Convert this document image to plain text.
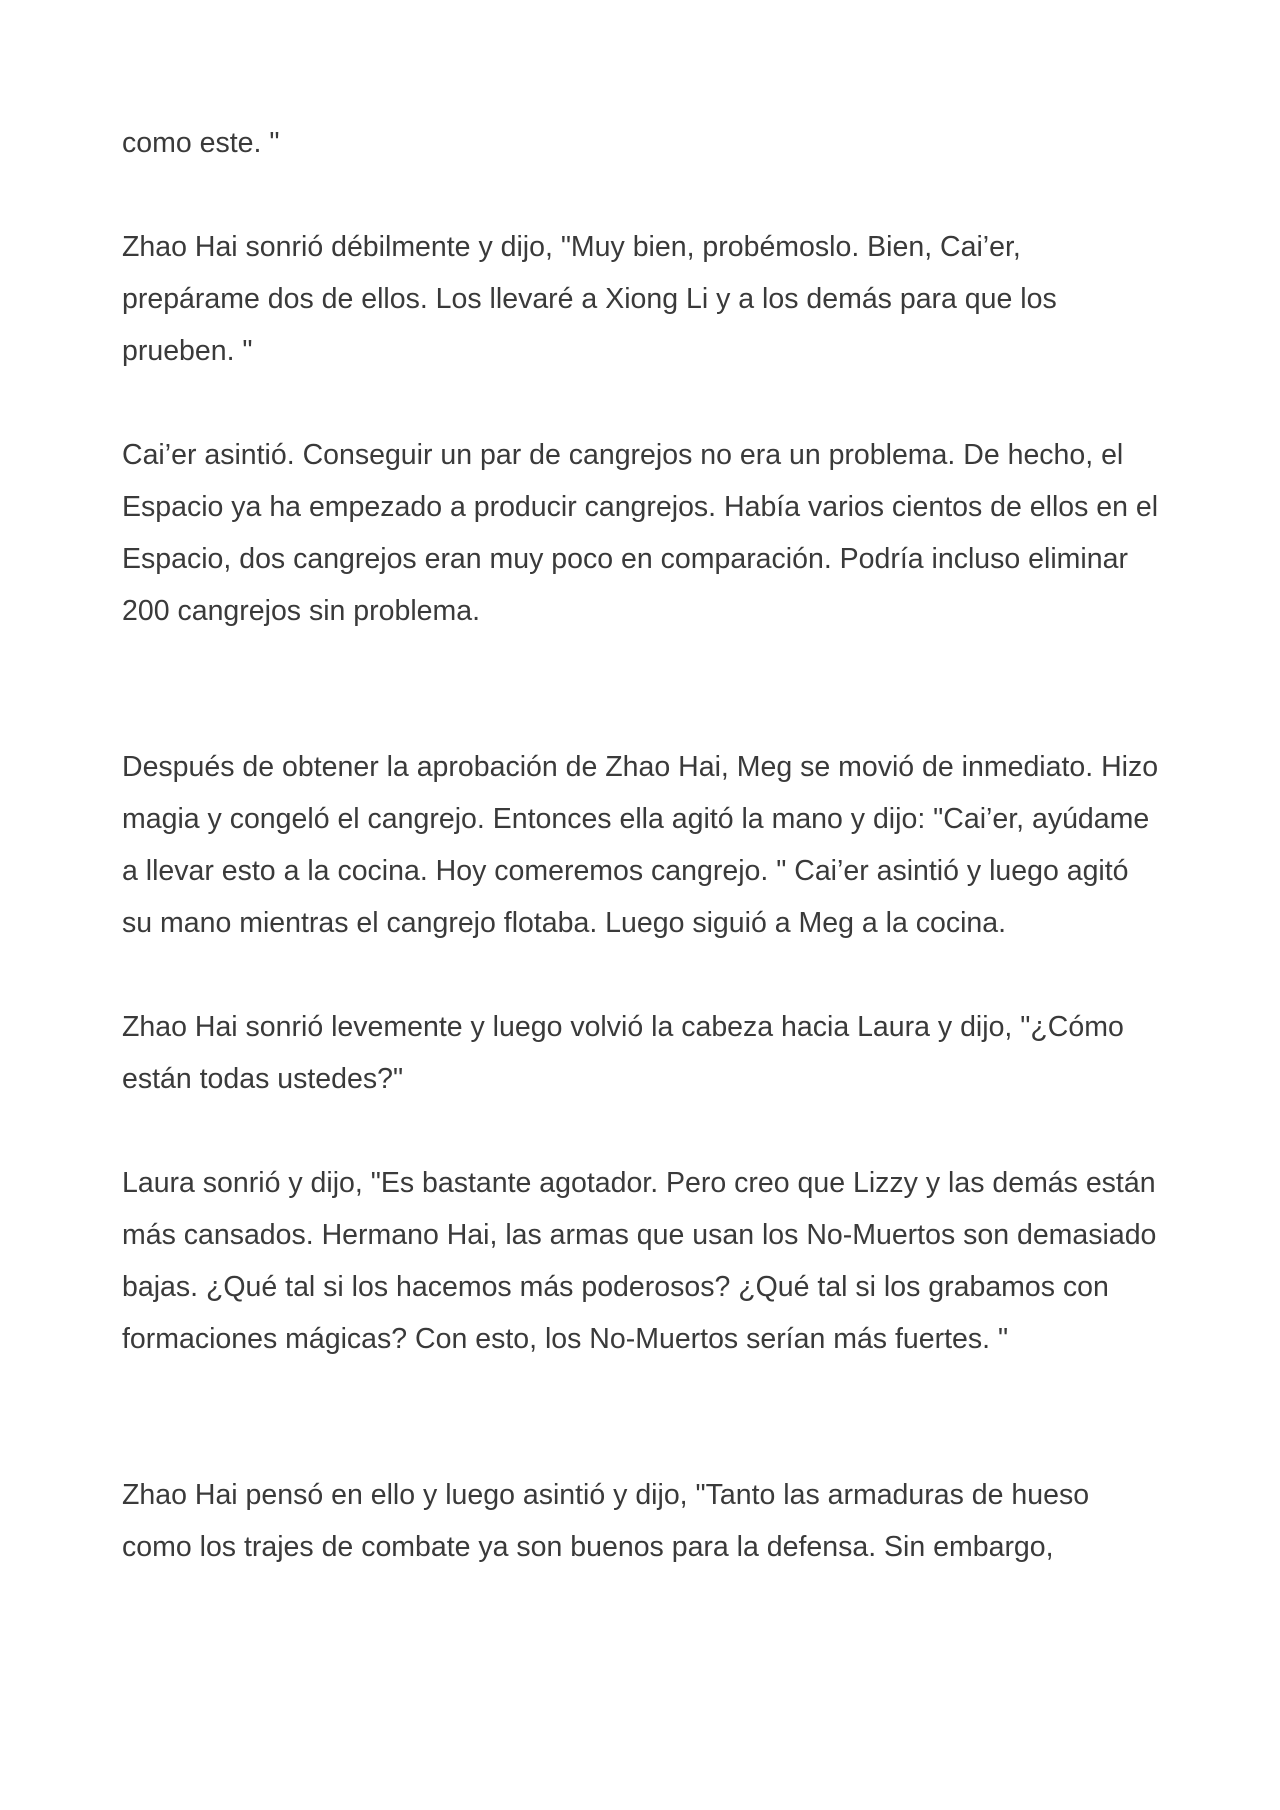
como este. "

Zhao Hai sonrió débilmente y dijo, "Muy bien, probémoslo. Bien, Cai’er, prepárame dos de ellos. Los llevaré a Xiong Li y a los demás para que los prueben. "

Cai’er asintió. Conseguir un par de cangrejos no era un problema. De hecho, el Espacio ya ha empezado a producir cangrejos. Había varios cientos de ellos en el Espacio, dos cangrejos eran muy poco en comparación. Podría incluso eliminar 200 cangrejos sin problema.

Después de obtener la aprobación de Zhao Hai, Meg se movió de inmediato. Hizo magia y congeló el cangrejo. Entonces ella agitó la mano y dijo: "Cai’er, ayúdame a llevar esto a la cocina. Hoy comeremos cangrejo. " Cai’er asintió y luego agitó su mano mientras el cangrejo flotaba. Luego siguió a Meg a la cocina.

Zhao Hai sonrió levemente y luego volvió la cabeza hacia Laura y dijo, "¿Cómo están todas ustedes?"

Laura sonrió y dijo, "Es bastante agotador. Pero creo que Lizzy y las demás están más cansados. Hermano Hai, las armas que usan los No-Muertos son demasiado bajas. ¿Qué tal si los hacemos más poderosos? ¿Qué tal si los grabamos con formaciones mágicas? Con esto, los No-Muertos serían más fuertes. "

Zhao Hai pensó en ello y luego asintió y dijo, "Tanto las armaduras de hueso como los trajes de combate ya son buenos para la defensa. Sin embargo,
